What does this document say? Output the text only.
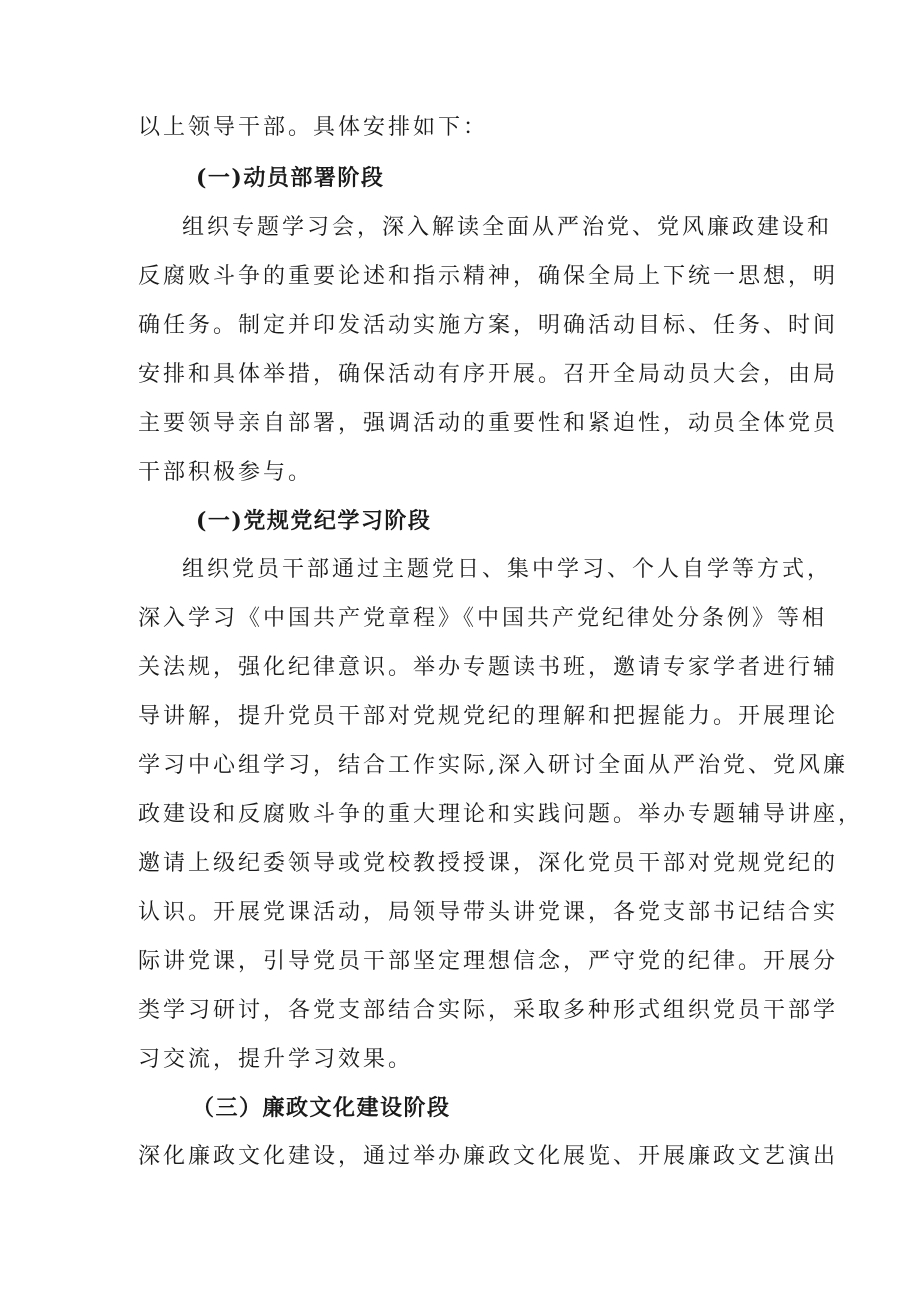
以上领导干部。具体安排如下：
(一)动员部署阶段
组织专题学习会，深入解读全面从严治党、党风廉政建设和
反腐败斗争的重要论述和指示精神，确保全局上下统一思想，明
确任务。制定并印发活动实施方案，明确活动目标、任务、时间
安排和具体举措，确保活动有序开展。召开全局动员大会，由局
主要领导亲自部署，强调活动的重要性和紧迫性，动员全体党员
干部积极参与。
(一)党规党纪学习阶段
组织党员干部通过主题党日、集中学习、个人自学等方式，
深入学习《中国共产党章程》《中国共产党纪律处分条例》等相
关法规，强化纪律意识。举办专题读书班，邀请专家学者进行辅
导讲解，提升党员干部对党规党纪的理解和把握能力。开展理论
学习中心组学习，结合工作实际,深入研讨全面从严治党、党风廉
政建设和反腐败斗争的重大理论和实践问题。举办专题辅导讲座，
邀请上级纪委领导或党校教授授课，深化党员干部对党规党纪的
认识。开展党课活动，局领导带头讲党课，各党支部书记结合实
际讲党课，引导党员干部坚定理想信念，严守党的纪律。开展分
类学习研讨，各党支部结合实际，采取多种形式组织党员干部学
习交流，提升学习效果。
（三）廉政文化建设阶段
深化廉政文化建设，通过举办廉政文化展览、开展廉政文艺演出
